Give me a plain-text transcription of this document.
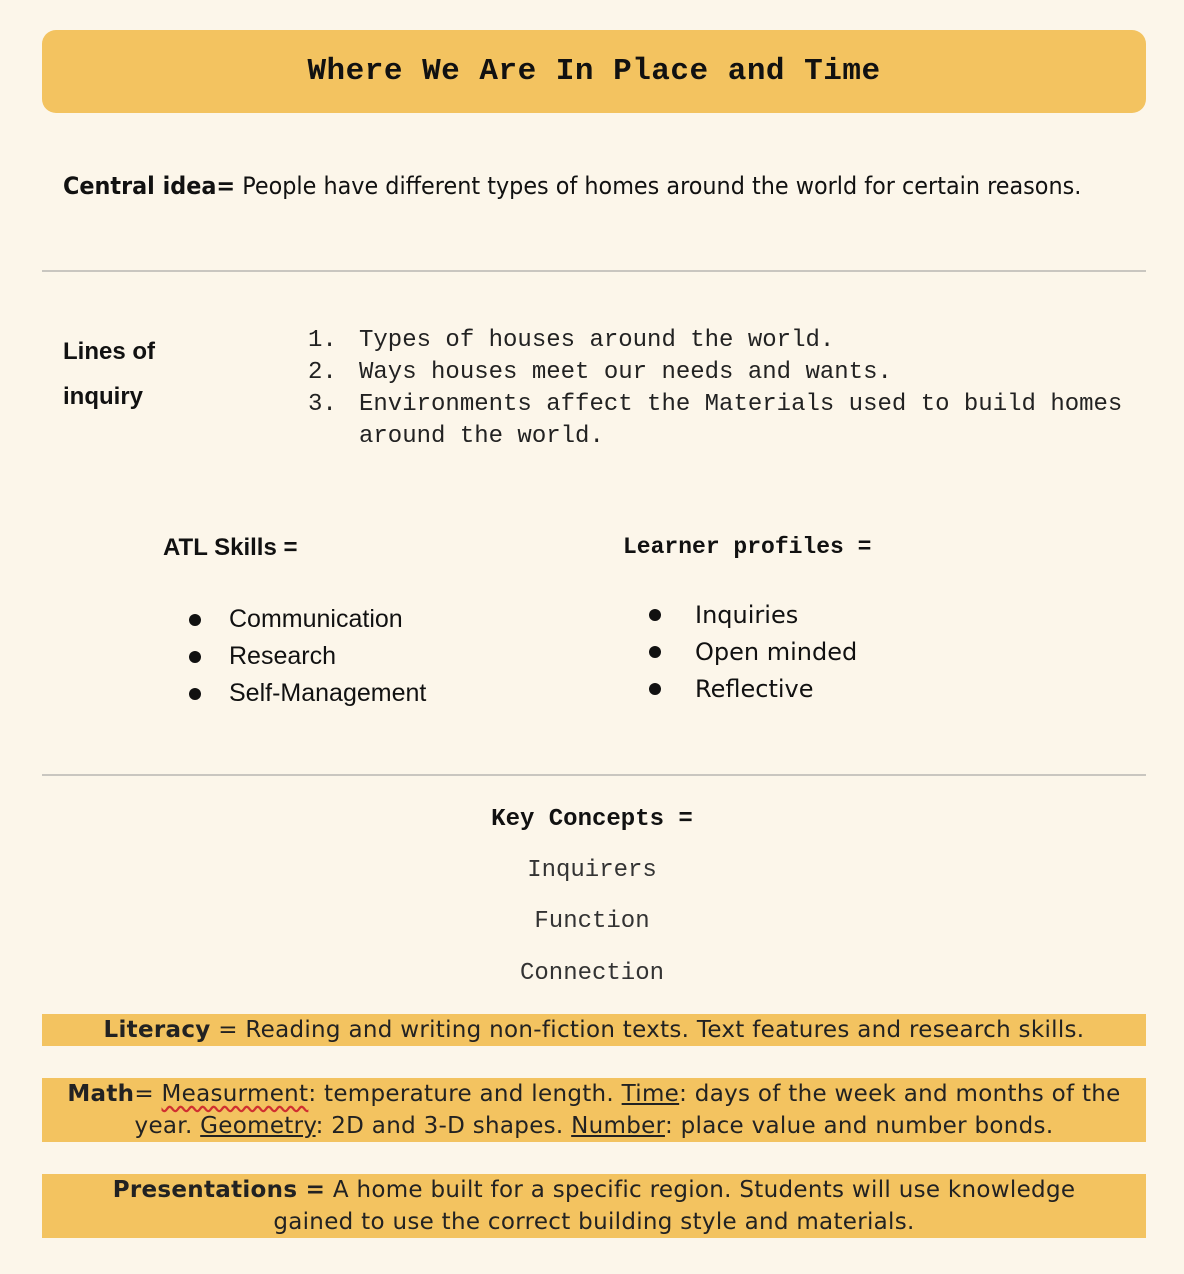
Where We Are In Place and Time
Central idea= People have different types of homes around the world for certain reasons.
Lines of
inquiry
1. Types of houses around the world.
2. Ways houses meet our needs and wants.
3. Environments affect the Materials used to build homes around the world.
ATL Skills =
Communication
Research
Self-Management
Learner profiles =
Inquiries
Open minded
Reflective
Key Concepts =
Inquirers
Function
Connection
Literacy = Reading and writing non-fiction texts. Text features and research skills.
Math= Measurment: temperature and length. Time: days of the week and months of the year. Geometry: 2D and 3-D shapes. Number: place value and number bonds.
Presentations = A home built for a specific region. Students will use knowledge gained to use the correct building style and materials.
